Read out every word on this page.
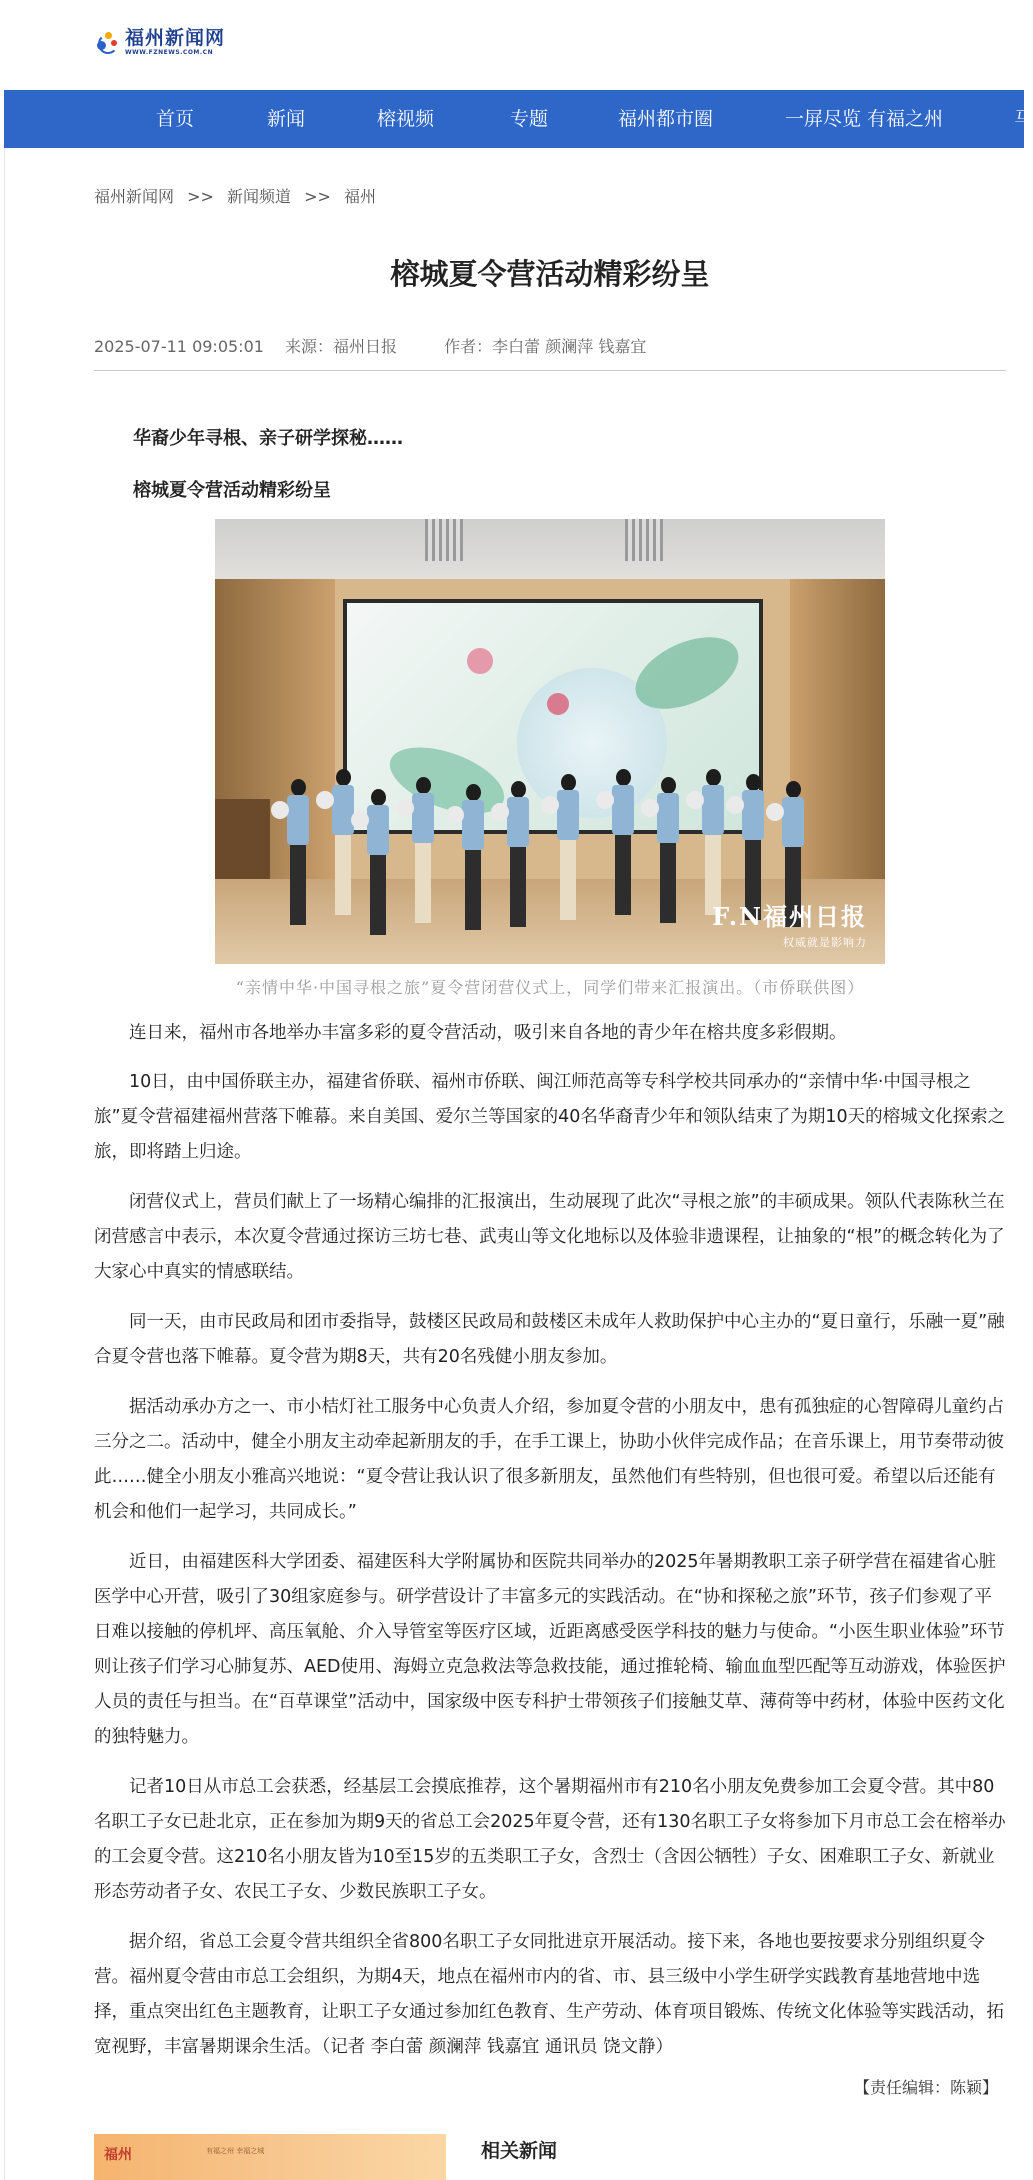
福州新闻网
WWW.FZNEWS.COM.CN
首页	新闻	榕视频	专题	福州都市圈	一屏尽览 有福之州	马
福州新闻网 >> 新闻频道 >> 福州
榕城夏令营活动精彩纷呈
2025-07-11 09:05:01 来源：福州日报	作者：李白蕾 颜澜萍 钱嘉宜
华裔少年寻根、亲子研学探秘……
榕城夏令营活动精彩纷呈
F.N福州日报
权威就是影响力
“亲情中华·中国寻根之旅”夏令营闭营仪式上，同学们带来汇报演出。（市侨联供图）

连日来，福州市各地举办丰富多彩的夏令营活动，吸引来自各地的青少年在榕共度多彩假期。

10日，由中国侨联主办，福建省侨联、福州市侨联、闽江师范高等专科学校共同承办的“亲情中华·中国寻根之旅”夏令营福建福州营落下帷幕。来自美国、爱尔兰等国家的40名华裔青少年和领队结束了为期10天的榕城文化探索之旅，即将踏上归途。

闭营仪式上，营员们献上了一场精心编排的汇报演出，生动展现了此次“寻根之旅”的丰硕成果。领队代表陈秋兰在闭营感言中表示，本次夏令营通过探访三坊七巷、武夷山等文化地标以及体验非遗课程，让抽象的“根”的概念转化为了大家心中真实的情感联结。

同一天，由市民政局和团市委指导，鼓楼区民政局和鼓楼区未成年人救助保护中心主办的“夏日童行，乐融一夏”融合夏令营也落下帷幕。夏令营为期8天，共有20名残健小朋友参加。

据活动承办方之一、市小桔灯社工服务中心负责人介绍，参加夏令营的小朋友中，患有孤独症的心智障碍儿童约占三分之二。活动中，健全小朋友主动牵起新朋友的手，在手工课上，协助小伙伴完成作品；在音乐课上，用节奏带动彼此……健全小朋友小雅高兴地说：“夏令营让我认识了很多新朋友，虽然他们有些特别，但也很可爱。希望以后还能有机会和他们一起学习，共同成长。”

近日，由福建医科大学团委、福建医科大学附属协和医院共同举办的2025年暑期教职工亲子研学营在福建省心脏医学中心开营，吸引了30组家庭参与。研学营设计了丰富多元的实践活动。在“协和探秘之旅”环节，孩子们参观了平日难以接触的停机坪、高压氧舱、介入导管室等医疗区域，近距离感受医学科技的魅力与使命。“小医生职业体验”环节则让孩子们学习心肺复苏、AED使用、海姆立克急救法等急救技能，通过推轮椅、输血血型匹配等互动游戏，体验医护人员的责任与担当。在“百草课堂”活动中，国家级中医专科护士带领孩子们接触艾草、薄荷等中药材，体验中医药文化的独特魅力。

记者10日从市总工会获悉，经基层工会摸底推荐，这个暑期福州市有210名小朋友免费参加工会夏令营。其中80名职工子女已赴北京，正在参加为期9天的省总工会2025年夏令营，还有130名职工子女将参加下月市总工会在榕举办的工会夏令营。这210名小朋友皆为10至15岁的五类职工子女，含烈士（含因公牺牲）子女、困难职工子女、新就业形态劳动者子女、农民工子女、少数民族职工子女。

据介绍，省总工会夏令营共组织全省800名职工子女同批进京开展活动。接下来，各地也要按要求分别组织夏令营。福州夏令营由市总工会组织，为期4天，地点在福州市内的省、市、县三级中小学生研学实践教育基地营地中选择，重点突出红色主题教育，让职工子女通过参加红色教育、生产劳动、体育项目锻炼、传统文化体验等实践活动，拓宽视野，丰富暑期课余生活。（记者 李白蕾 颜澜萍 钱嘉宜 通讯员 饶文静）

【责任编辑：陈颖】
福州	有福之州 幸福之城	相关新闻
